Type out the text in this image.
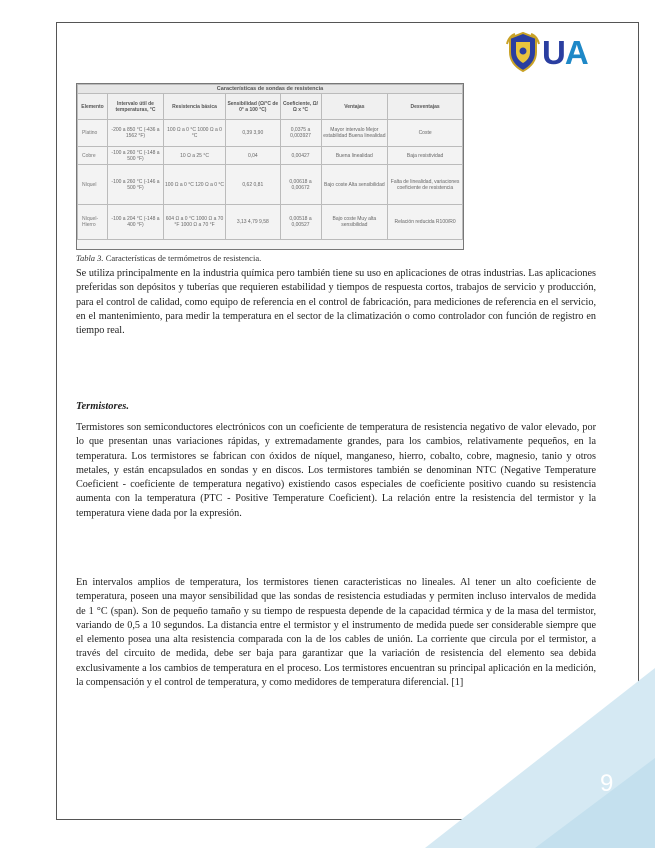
9
UA
Características de sondas de resistencia						
Elemento	Intervalo útil de temperaturas, °C	Resistencia básica	Sensibilidad (Ω/°C de 0° a 100 °C)	Coeficiente, Ω/Ω x °C	Ventajas	Desventajas
Platino	-200 a 850 °C (-436 a 1562 °F)	100 Ω a 0 °C 1000 Ω a 0 °C	0,39 3,90	0,0375 a 0,003927	Mayor intervalo Mejor estabilidad Buena linealidad	Coste
Cobre	-100 a 260 °C (-148 a 500 °F)	10 Ω a 25 °C	0,04	0,00427	Buena linealidad	Baja resistividad
Níquel	-100 a 260 °C (-146 a 500 °F)	100 Ω a 0 °C 120 Ω a 0 °C	0,62 0,81	0,00618 a 0,00672	Bajo coste Alta sensibilidad	Falta de linealidad, variaciones coeficiente de resistencia
Níquel-Hierro	-100 a 204 °C (-148 a 400 °F)	604 Ω a 0 °C 1000 Ω a 70 °F 1000 Ω a 70 °F	3,13 4,79 9,58	0,00518 a 0,00527	Bajo coste Muy alta sensibilidad	Relación reducida R100/R0
Tabla 3. Características de termómetros de resistencia.

Se utiliza principalmente en la industria química pero también tiene su uso en aplicaciones de otras industrias. Las aplicaciones preferidas son depósitos y tuberías que requieren estabilidad y tiempos de respuesta cortos, trabajos de servicio y producción, para el control de calidad, como equipo de referencia en el control de fabricación, para mediciones de referencia en el servicio, en el mantenimiento, para medir la temperatura en el sector de la climatización o como controlador con función de registro en tiempo real.

Termistores.

Termistores son semiconductores electrónicos con un coeficiente de temperatura de resistencia negativo de valor elevado, por lo que presentan unas variaciones rápidas, y extremadamente grandes, para los cambios, relativamente pequeños, en la temperatura. Los termistores se fabrican con óxidos de níquel, manganeso, hierro, cobalto, cobre, magnesio, tanio y otros metales, y están encapsulados en sondas y en discos. Los termistores también se denominan NTC (Negative Temperature Coeficient - coeficiente de temperatura negativo) existiendo casos especiales de coeficiente positivo cuando su resistencia aumenta con la temperatura (PTC - Positive Temperature Coeficient). La relación entre la resistencia del termistor y la temperatura viene dada por la expresión.

En intervalos amplios de temperatura, los termistores tienen caracteristicas no lineales. Al tener un alto coeficiente de temperatura, poseen una mayor sensibilidad que las sondas de resistencia estudiadas y permiten incluso intervalos de medida de 1 °C (span). Son de pequeño tamaño y su tiempo de respuesta depende de la capacidad térmica y de la masa del termistor, variando de 0,5 a 10 segundos. La distancia entre el termistor y el instrumento de medida puede ser considerable siempre que el elemento posea una alta resistencia comparada con la de los cables de unión. La corriente que circula por el termistor, a través del circuito de medida, debe ser baja para garantizar que la variación de resistencia del elemento sea debida exclusivamente a los cambios de temperatura en el proceso. Los termistores encuentran su principal aplicación en la medición, la compensación y el control de temperatura, y como medidores de temperatura diferencial. [1]
